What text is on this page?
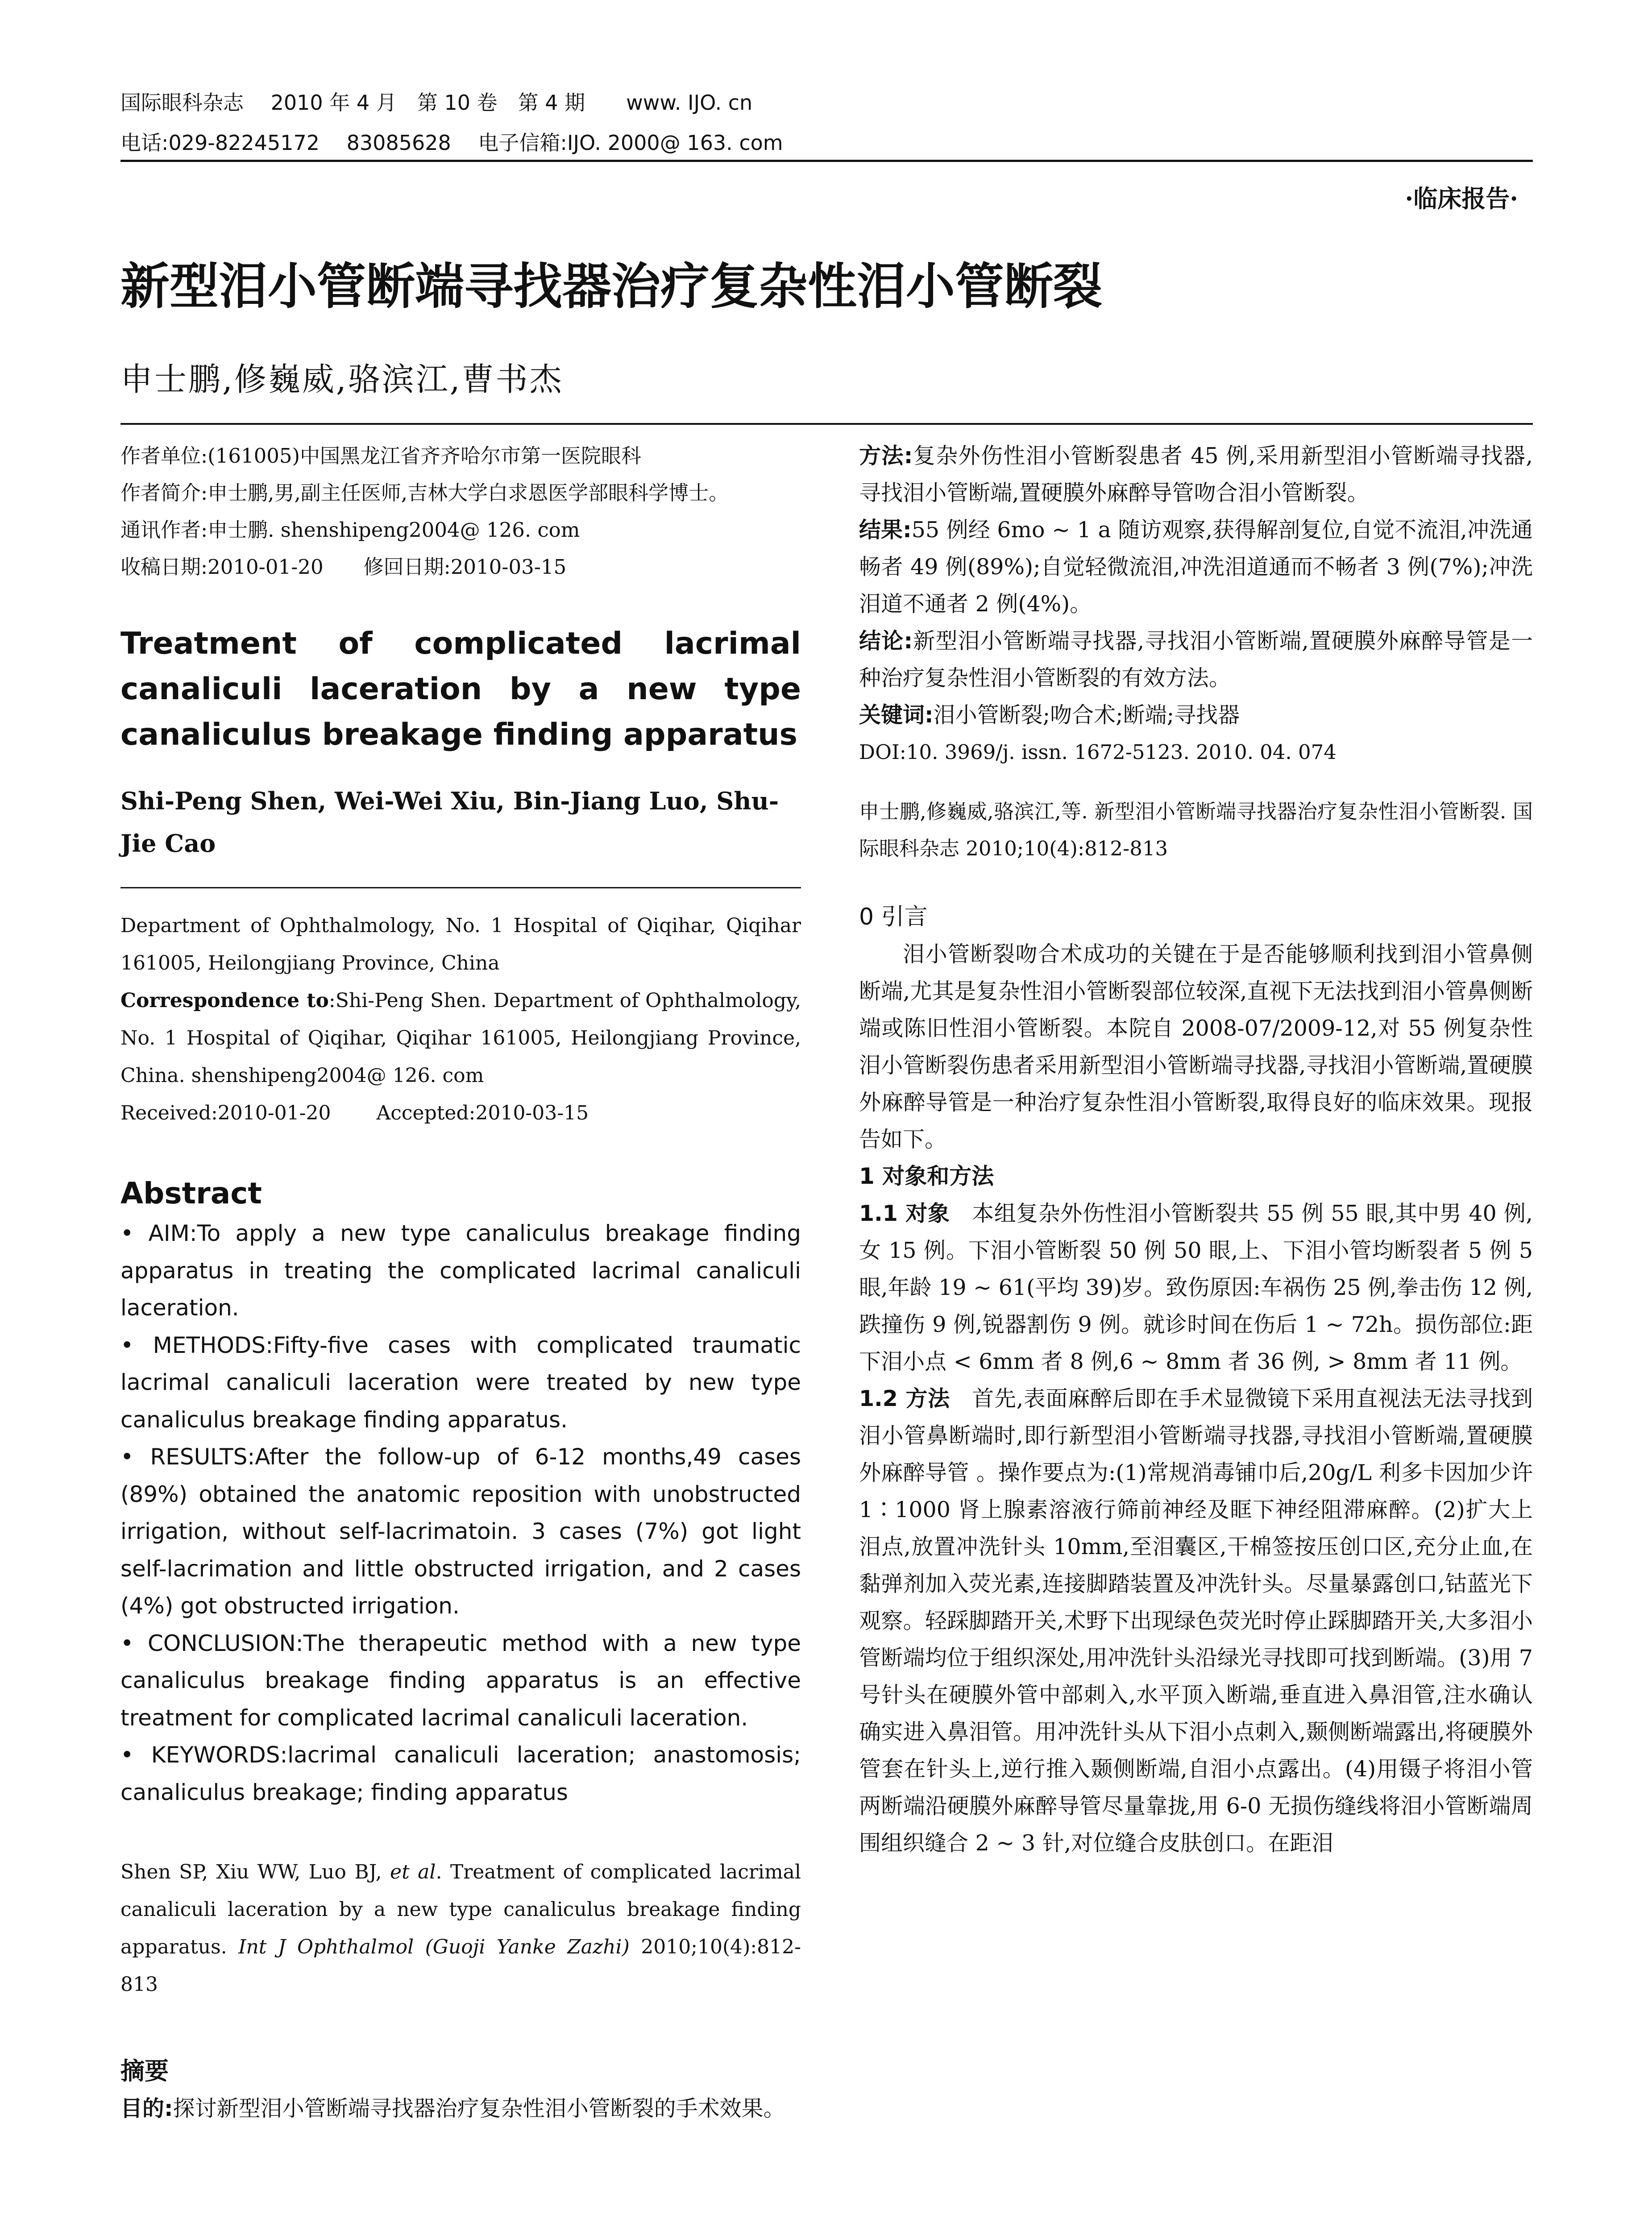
国际眼科杂志　 2010 年 4 月　第 10 卷　第 4 期　　www. IJO. cn
电话:029-82245172　 83085628　 电子信箱:IJO. 2000@ 163. com
·临床报告·
新型泪小管断端寻找器治疗复杂性泪小管断裂
申士鹏,修巍威,骆滨江,曹书杰

作者单位:(161005)中国黑龙江省齐齐哈尔市第一医院眼科

作者简介:申士鹏,男,副主任医师,吉林大学白求恩医学部眼科学博士。

通讯作者:申士鹏. shenshipeng2004@ 126. com

收稿日期:2010-01-20　　修回日期:2010-03-15

Treatment of complicated lacrimal canaliculi laceration by a new type canaliculus breakage finding apparatus
Shi-Peng Shen, Wei-Wei Xiu, Bin-Jiang Luo, Shu-Jie Cao
Department of Ophthalmology, No. 1 Hospital of Qiqihar, Qiqihar 161005, Heilongjiang Province, China
Correspondence to:Shi-Peng Shen. Department of Ophthalmology, No. 1 Hospital of Qiqihar, Qiqihar 161005, Heilongjiang Province, China. shenshipeng2004@ 126. com
Received:2010-01-20　　 Accepted:2010-03-15
Abstract

• AIM:To apply a new type canaliculus breakage finding apparatus in treating the complicated lacrimal canaliculi laceration.

• METHODS:Fifty-five cases with complicated traumatic lacrimal canaliculi laceration were treated by new type canaliculus breakage finding apparatus.

• RESULTS:After the follow-up of 6-12 months,49 cases (89%) obtained the anatomic reposition with unobstructed irrigation, without self-lacrimatoin. 3 cases (7%) got light self-lacrimation and little obstructed irrigation, and 2 cases (4%) got obstructed irrigation.

• CONCLUSION:The therapeutic method with a new type canaliculus breakage finding apparatus is an effective treatment for complicated lacrimal canaliculi laceration.

• KEYWORDS:lacrimal canaliculi laceration; anastomosis; canaliculus breakage; finding apparatus

Shen SP, Xiu WW, Luo BJ, et al. Treatment of complicated lacrimal canaliculi laceration by a new type canaliculus breakage finding apparatus. Int J Ophthalmol (Guoji Yanke Zazhi) 2010;10(4):812-813
摘要
目的:探讨新型泪小管断端寻找器治疗复杂性泪小管断裂的手术效果。
方法:复杂外伤性泪小管断裂患者 45 例,采用新型泪小管断端寻找器,寻找泪小管断端,置硬膜外麻醉导管吻合泪小管断裂。
结果:55 例经 6mo ~ 1 a 随访观察,获得解剖复位,自觉不流泪,冲洗通畅者 49 例(89%);自觉轻微流泪,冲洗泪道通而不畅者 3 例(7%);冲洗泪道不通者 2 例(4%)。
结论:新型泪小管断端寻找器,寻找泪小管断端,置硬膜外麻醉导管是一种治疗复杂性泪小管断裂的有效方法。
关键词:泪小管断裂;吻合术;断端;寻找器
DOI:10. 3969/j. issn. 1672-5123. 2010. 04. 074
申士鹏,修巍威,骆滨江,等. 新型泪小管断端寻找器治疗复杂性泪小管断裂. 国际眼科杂志 2010;10(4):812-813
0 引言
泪小管断裂吻合术成功的关键在于是否能够顺利找到泪小管鼻侧断端,尤其是复杂性泪小管断裂部位较深,直视下无法找到泪小管鼻侧断端或陈旧性泪小管断裂。本院自 2008-07/2009-12,对 55 例复杂性泪小管断裂伤患者采用新型泪小管断端寻找器,寻找泪小管断端,置硬膜外麻醉导管是一种治疗复杂性泪小管断裂,取得良好的临床效果。现报告如下。
1 对象和方法
1.1 对象　 本组复杂外伤性泪小管断裂共 55 例 55 眼,其中男 40 例,女 15 例。下泪小管断裂 50 例 50 眼,上、下泪小管均断裂者 5 例 5 眼,年龄 19 ~ 61(平均 39)岁。致伤原因:车祸伤 25 例,拳击伤 12 例,跌撞伤 9 例,锐器割伤 9 例。就诊时间在伤后 1 ~ 72h。损伤部位:距下泪小点 < 6mm 者 8 例,6 ~ 8mm 者 36 例, > 8mm 者 11 例。
1.2 方法　 首先,表面麻醉后即在手术显微镜下采用直视法无法寻找到泪小管鼻断端时,即行新型泪小管断端寻找器,寻找泪小管断端,置硬膜外麻醉导管 。操作要点为:(1)常规消毒铺巾后,20g/L 利多卡因加少许 1∶1000 肾上腺素溶液行筛前神经及眶下神经阻滞麻醉。(2)扩大上泪点,放置冲洗针头 10mm,至泪囊区,干棉签按压创口区,充分止血,在黏弹剂加入荧光素,连接脚踏装置及冲洗针头。尽量暴露创口,钴蓝光下观察。轻踩脚踏开关,术野下出现绿色荧光时停止踩脚踏开关,大多泪小管断端均位于组织深处,用冲洗针头沿绿光寻找即可找到断端。(3)用 7 号针头在硬膜外管中部刺入,水平顶入断端,垂直进入鼻泪管,注水确认确实进入鼻泪管。用冲洗针头从下泪小点刺入,颞侧断端露出,将硬膜外管套在针头上,逆行推入颞侧断端,自泪小点露出。(4)用镊子将泪小管两断端沿硬膜外麻醉导管尽量靠拢,用 6-0 无损伤缝线将泪小管断端周围组织缝合 2 ~ 3 针,对位缝合皮肤创口。在距泪
